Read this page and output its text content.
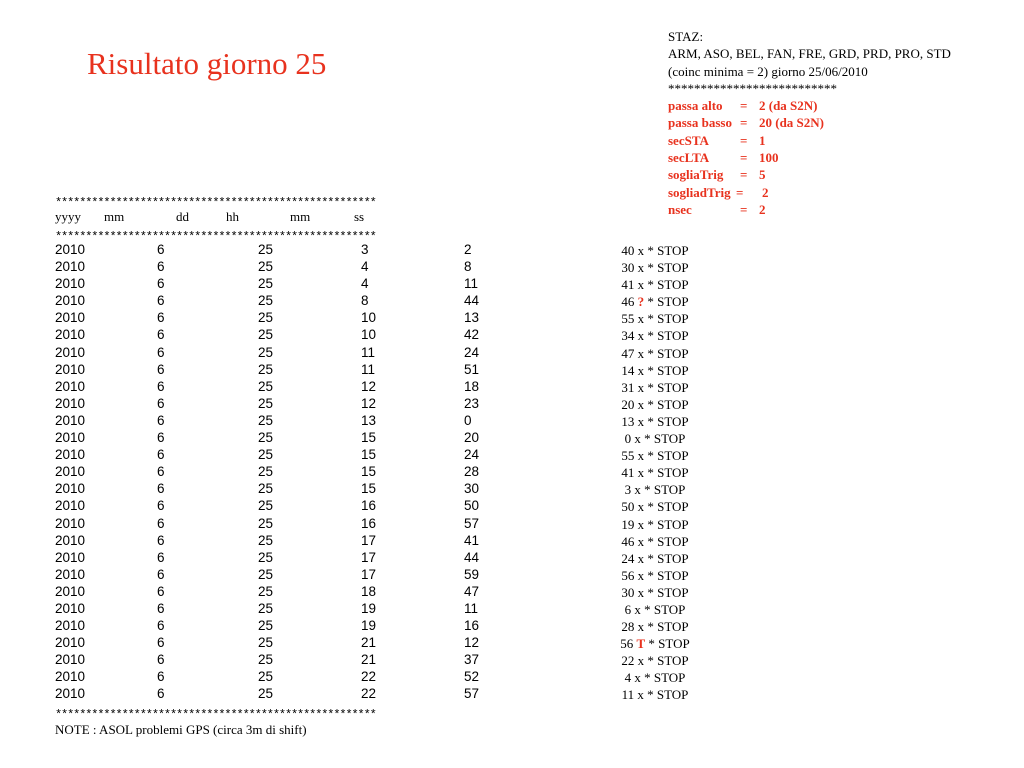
Risultato giorno 25
STAZ:
ARM, ASO, BEL, FAN, FRE, GRD, PRD, PRO, STD
(coinc minima = 2) giorno 25/06/2010
**************************
passa alto = 2 (da S2N)
passa basso = 20 (da S2N)
secSTA = 1
secLTA = 100
sogliaTrig = 5
sogliadTrig = 2
nsec	= 2
*****************************************************
yyyy mm	dd	hh	mm	ss
*****************************************************
2010	6	25	3	2	40 x * STOP
2010	6	25	4	8	30 x * STOP
2010	6	25	4	11	41 x * STOP
2010	6	25	8	44	46 ? * STOP
2010	6	25	10	13	55 x * STOP
2010	6	25	10	42	34 x * STOP
2010	6	25	11	24	47 x * STOP
2010	6	25	11	51	14 x * STOP
2010	6	25	12	18	31 x * STOP
2010	6	25	12	23	20 x * STOP
2010	6	25	13	0	13 x * STOP
2010	6	25	15	20	0 x * STOP
2010	6	25	15	24	55 x * STOP
2010	6	25	15	28	41 x * STOP
2010	6	25	15	30	3 x * STOP
2010	6	25	16	50	50 x * STOP
2010	6	25	16	57	19 x * STOP
2010	6	25	17	41	46 x * STOP
2010	6	25	17	44	24 x * STOP
2010	6	25	17	59	56 x * STOP
2010	6	25	18	47	30 x * STOP
2010	6	25	19	11	6 x * STOP
2010	6	25	19	16	28 x * STOP
2010	6	25	21	12	56 T * STOP
2010	6	25	21	37	22 x * STOP
2010	6	25	22	52	4 x * STOP
2010	6	25	22	57	11 x * STOP
*****************************************************
NOTE : ASOL problemi GPS (circa 3m di shift)
